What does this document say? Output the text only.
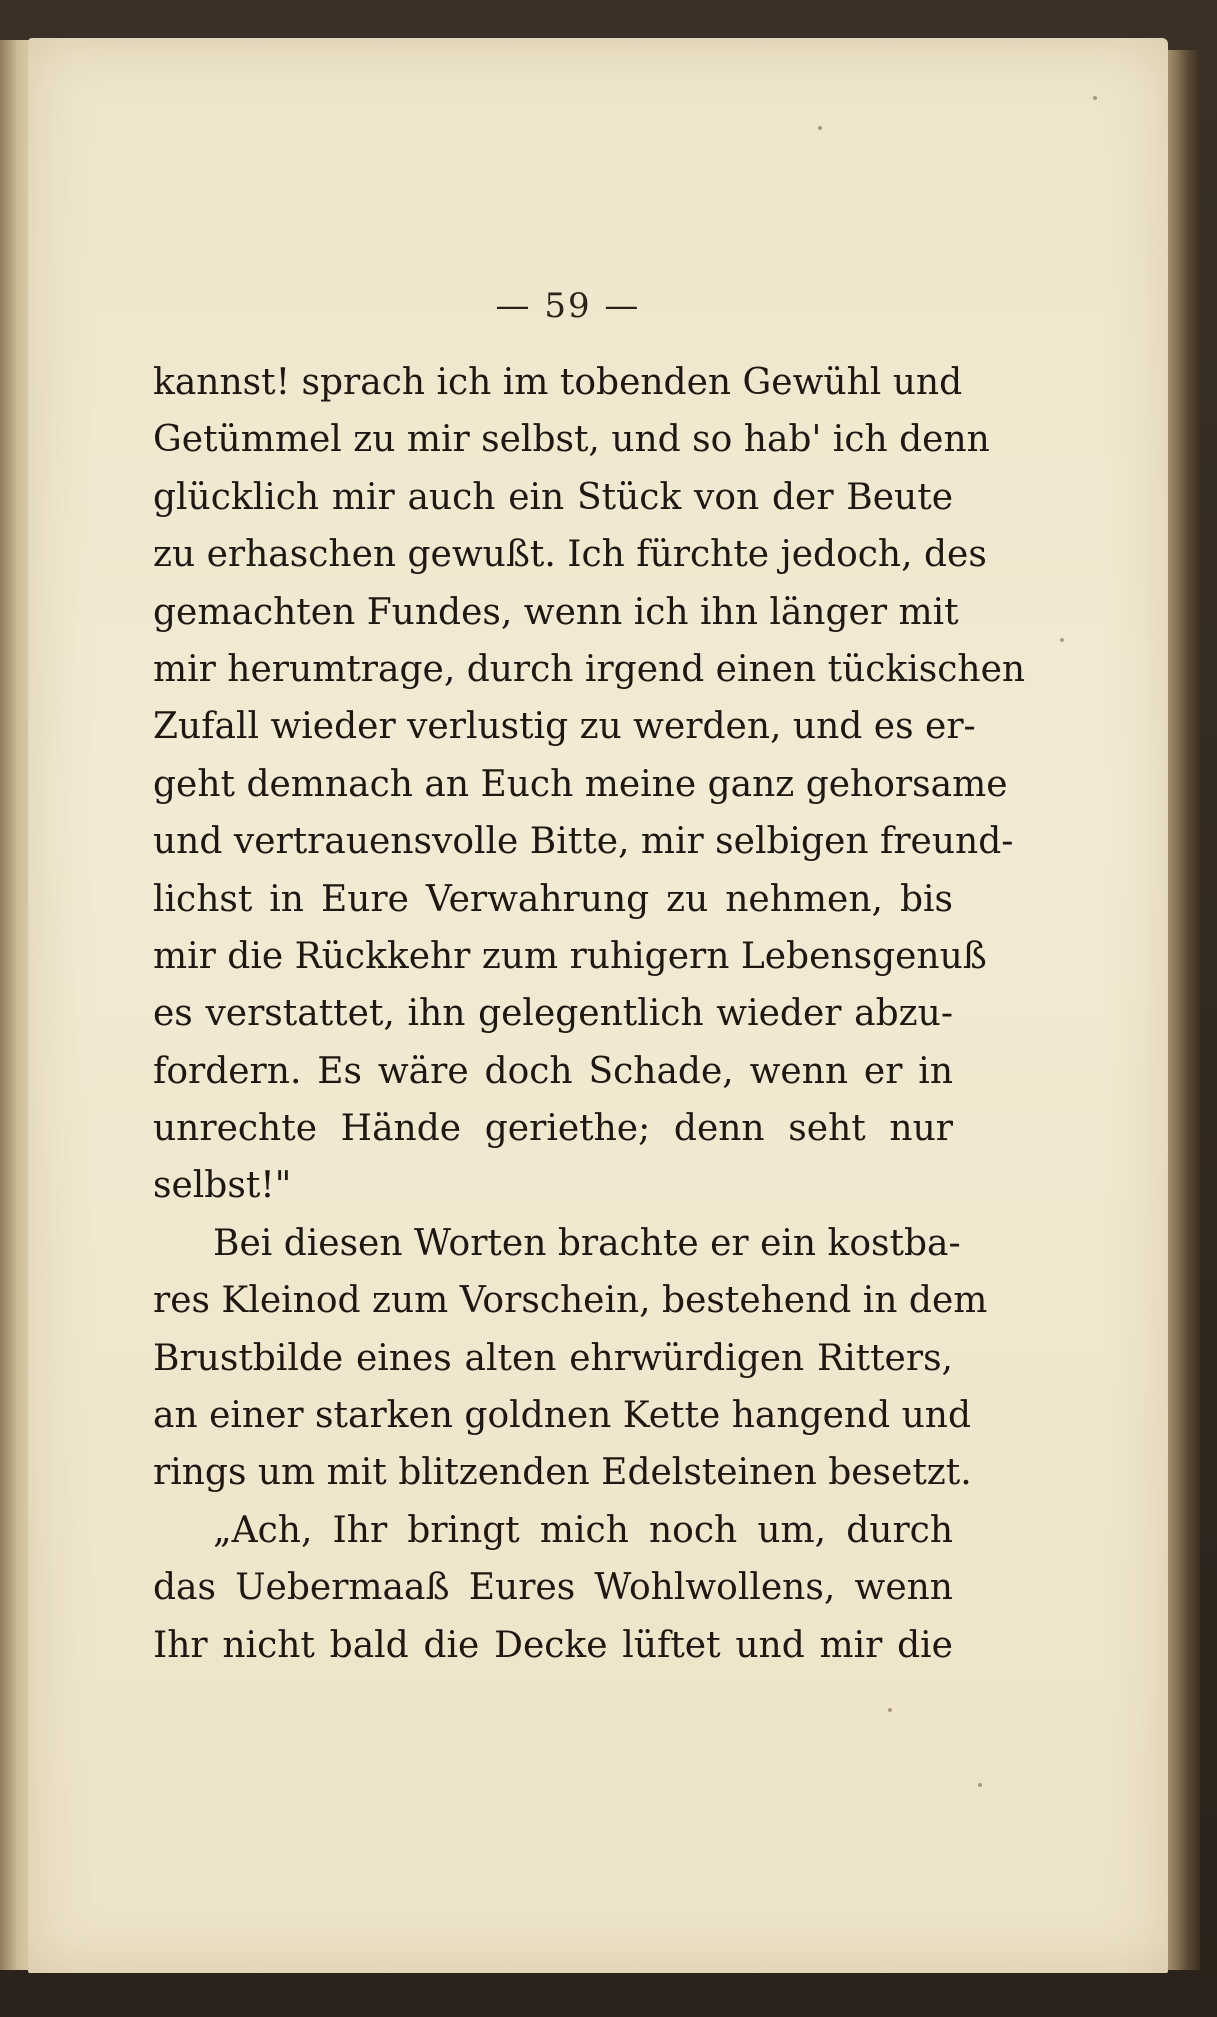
— 59 —
kannst! sprach ich im tobenden Gewühl und
Getümmel zu mir selbst, und so hab' ich denn
glücklich mir auch ein Stück von der Beute
zu erhaschen gewußt. Ich fürchte jedoch, des
gemachten Fundes, wenn ich ihn länger mit
mir herumtrage, durch irgend einen tückischen
Zufall wieder verlustig zu werden, und es er-
geht demnach an Euch meine ganz gehorsame
und vertrauensvolle Bitte, mir selbigen freund-
lichst in Eure Verwahrung zu nehmen, bis
mir die Rückkehr zum ruhigern Lebensgenuß
es verstattet, ihn gelegentlich wieder abzu-
fordern. Es wäre doch Schade, wenn er in
unrechte Hände geriethe; denn seht nur
selbst!"
Bei diesen Worten brachte er ein kostba-
res Kleinod zum Vorschein, bestehend in dem
Brustbilde eines alten ehrwürdigen Ritters,
an einer starken goldnen Kette hangend und
rings um mit blitzenden Edelsteinen besetzt.
„Ach, Ihr bringt mich noch um, durch
das Uebermaaß Eures Wohlwollens, wenn
Ihr nicht bald die Decke lüftet und mir die
